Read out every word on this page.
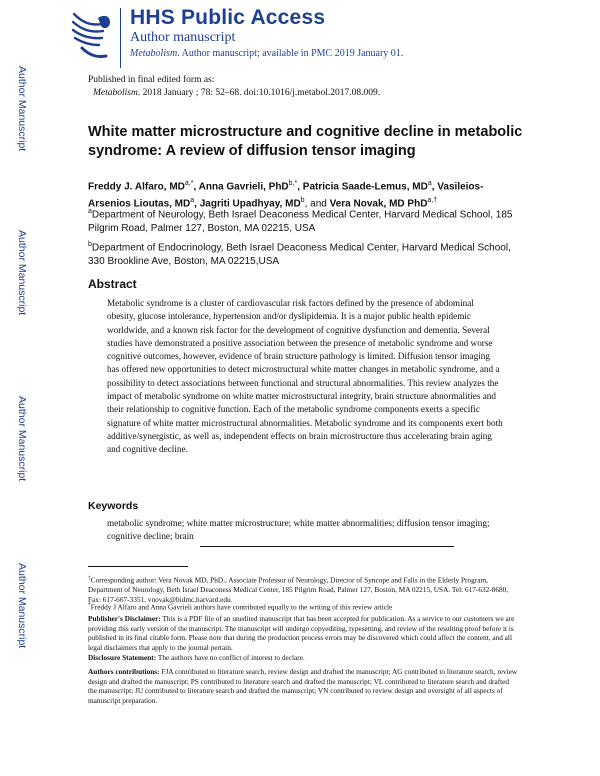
HHS Public Access

Author manuscript

Metabolism. Author manuscript; available in PMC 2019 January 01.

Published in final edited form as:
Metabolism. 2018 January ; 78: 52–68. doi:10.1016/j.metabol.2017.08.009.
Author Manuscript
Author Manuscript
Author Manuscript
Author Manuscript
White matter microstructure and cognitive decline in metabolic syndrome: A review of diffusion tensor imaging

Freddy J. Alfaro, $MD^{a,*}$, Anna Gavrieli, PhD$^{b,*}$, Patricia Saade-Lemus, $MD^a$, Vasileios-Arsenios Lioutas, $MD^a$, Jagriti Upadhyay, $MD^b$, and Vera Novak, MD PhD$^{a,\dagger}$

$^a$Department of Neurology, Beth Israel Deaconess Medical Center, Harvard Medical School, 185 Pilgrim Road, Palmer 127, Boston, MA 02215, USA

$^b$Department of Endocrinology, Beth Israel Deaconess Medical Center, Harvard Medical School, 330 Brookline Ave, Boston, MA 02215,USA

Abstract

Metabolic syndrome is a cluster of cardiovascular risk factors defined by the presence of abdominal obesity, glucose intolerance, hypertension and/or dyslipidemia. It is a major public health epidemic worldwide, and a known risk factor for the development of cognitive dysfunction and dementia. Several studies have demonstrated a positive association between the presence of metabolic syndrome and worse cognitive outcomes, however, evidence of brain structure pathology is limited. Diffusion tensor imaging has offered new opportunities to detect microstructural white matter changes in metabolic syndrome, and a possibility to detect associations between functional and structural abnormalities. This review analyzes the impact of metabolic syndrome on white matter microstructural integrity, brain structure abnormalities and their relationship to cognitive function. Each of the metabolic syndrome components exerts a specific signature of white matter microstructural abnormalities. Metabolic syndrome and its components exert both additive/synergistic, as well as, independent effects on brain microstructure thus accelerating brain aging and cognitive decline.

Keywords

metabolic syndrome; white matter microstructure; white matter abnormalities; diffusion tensor imaging; cognitive decline; brain

†Corresponding author: Vera Novak MD, PhD., Associate Professor of Neurology, Director of Syncope and Falls in the Elderly Program, Department of Neurology, Beth Israel Deaconess Medical Center, 185 Pilgrim Road, Palmer 127, Boston, MA 02215, USA. Tel: 617-632-8680, Fax: 617-667-3351, vnovak@bidmc.harvard.edu.

*Freddy J Alfaro and Anna Gavrieli authors have contributed equally to the writing of this review article

Publisher's Disclaimer: This is a PDF file of an unedited manuscript that has been accepted for publication. As a service to our customers we are providing this early version of the manuscript. The manuscript will undergo copyediting, typesetting, and review of the resulting proof before it is published in its final citable form. Please note that during the production process errors may be discovered which could affect the content, and all legal disclaimers that apply to the journal pertain.

Disclosure Statement: The authors have no conflict of interest to declare.

Authors contributions: FJA contributed to literature search, review design and drafted the manuscript; AG contributed to literature search, review design and drafted the manuscript; PS contributed to literature search and drafted the manuscript; VL contributed to literature search and drafted the manuscript; JU contributed to literature search and drafted the manuscript; VN contributed to review design and oversight of all aspects of manuscript preparation.
